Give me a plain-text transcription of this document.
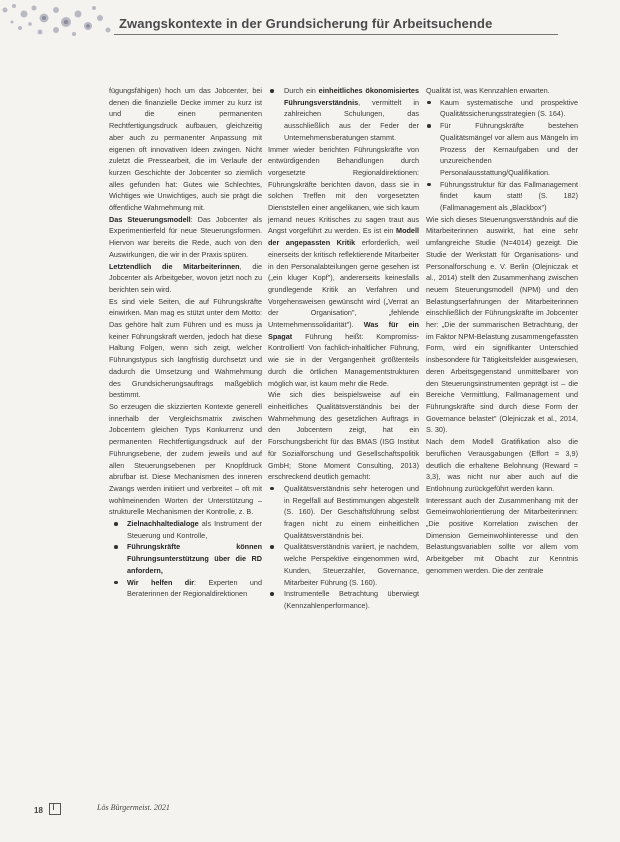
Zwangskontexte in der Grundsicherung für Arbeitsuchende

fügungsfähigen) hoch um das Jobcenter, bei denen die finanzielle Decke immer zu kurz ist und die einen permanenten Rechtfertigungsdruck aufbauen, gleichzeitig aber auch zu permanenter Anpassung mit eigenen oft innovativen Ideen zwingen. Nicht zuletzt die Pressearbeit, die im Verlaufe der kurzen Geschichte der Jobcenter so ziemlich alles gefunden hat: Gutes wie Schlechtes, Wichtiges wie Unwichtiges, auch sie prägt die öffentliche Wahrnehmung mit.

Das Steuerungsmodell: Das Jobcenter als Experimentierfeld für neue Steuerungsformen. Hiervon war bereits die Rede, auch von den Auswirkungen, die wir in der Praxis spüren.

Letztendlich die Mitarbeiterinnen, die Jobcenter als Arbeitgeber, wovon jetzt noch zu berichten sein wird.

Es sind viele Seiten, die auf Führungskräfte einwirken. Man mag es stützt unter dem Motto: Das gehöre halt zum Führen und es muss ja keiner Führungskraft werden, jedoch hat diese Haltung Folgen, wenn sich zeigt, welcher Führungstypus sich langfristig durchsetzt und dadurch die Umsetzung und Wahrnehmung des Grundsicherungsauftrags maßgeblich bestimmt.

So erzeugen die skizzierten Kontexte generell innerhalb der Vergleichsmatrix zwischen Jobcentern gleichen Typs Konkurrenz und permanenten Rechtfertigungsdruck auf der Führungsebene, der zudem jeweils und auf allen Steuerungsebenen per Knopfdruck abrufbar ist. Diese Mechanismen des inneren Zwangs werden initiiert und verbreitet – oft mit wohlmeinenden Worten der Unterstützung – strukturelle Mechanismen der Kontrolle, z. B.

Zielnachhaltedialoge als Instrument der Steuerung und Kontrolle,
Führungskräfte können Führungsunterstützung über die RD anfordern,
Wir helfen dir: Experten und Beraterinnen der Regionaldirektionen
Durch ein einheitliches ökonomisiertes Führungsverständnis, vermittelt in zahlreichen Schulungen, das ausschließlich aus der Feder der Unternehmensberatungen stammt.

Immer wieder berichten Führungskräfte von entwürdigenden Behandlungen durch vorgesetzte Regionaldirektionen: Führungskräfte berichten davon, dass sie in solchen Treffen mit den vorgesetzten Dienststellen einer angelikanen, wie sich kaum jemand neues Kritisches zu sagen traut aus Angst vorgeführt zu werden. Es ist ein Modell der angepassten Kritik erforderlich, weil einerseits der kritisch reflektierende Mitarbeiter in den Personalabteilungen gerne gesehen ist („ein kluger Kopf"), andererseits keinesfalls grundlegende Kritik an Verfahren und Vorgehensweisen gewünscht wird („Verrat an der Organisation", „fehlende Unternehmenssolidarität"). Was für ein Spagat Führung heißt: Kompromiss-Kontrolliert! Von fachlich-inhaltlicher Führung, wie sie in der Vergangenheit größtenteils durch die örtlichen Managementstrukturen möglich war, ist kaum mehr die Rede.

Wie sich dies beispielsweise auf ein einheitliches Qualitätsverständnis bei der Wahrnehmung des gesetzlichen Auftrags in den Jobcentern zeigt, hat ein Forschungsbericht für das BMAS (ISG Institut für Sozialforschung und Gesellschaftspolitik GmbH; Stone Moment Consulting, 2013) erschreckend deutlich gemacht:

Qualitätsverständnis sehr heterogen und in Regelfall auf Bestimmungen abgestellt (S. 160). Der Geschäftsführung selbst fragen nicht zu einem einheitlichen Qualitätsverständnis bei.
Qualitätsverständnis variiert, je nachdem, welche Perspektive eingenommen wird, Kunden, Steuerzahler, Governance, Mitarbeiter Führung (S. 160).
Instrumentelle Betrachtung überwiegt (Kennzahlenperformance).

Qualität ist, was Kennzahlen erwarten.

Kaum systematische und prospektive Qualitätssicherungsstrategien (S. 164).
Für Führungskräfte bestehen Qualitätsmängel vor allem aus Mängeln im Prozess der Kernaufgaben und der unzureichenden Personalausstattung/Qualifikation.
Führungsstruktur für das Fallmanagement findet kaum statt! (S. 182) (Fallmanagement als „Blackbox")

Wie sich dieses Steuerungsverständnis auf die Mitarbeiterinnen auswirkt, hat eine sehr umfangreiche Studie (N=4014) gezeigt. Die Studie der Werkstatt für Organisations- und Personalforschung e. V. Berlin (Olejniczak et al., 2014) stellt den Zusammenhang zwischen neuem Steuerungsmodell (NPM) und den Belastungserfahrungen der Mitarbeiterinnen einschließlich der Führungskräfte im Jobcenter her: „Die der summarischen Betrachtung, der im Faktor NPM-Belastung zusammengefassten Form, wird ein signifikanter Unterschied insbesondere für Tätigkeitsfelder ausgewiesen, deren Arbeitsgegenstand unmittelbarer von den Steuerungsinstrumenten geprägt ist – die Bereiche Vermittlung, Fallmanagement und Führungskräfte sind durch diese Form der Governance belastet" (Olejniczak et al., 2014, S. 30).

Nach dem Modell Gratifikation also die beruflichen Verausgabungen (Effort = 3,9) deutlich die erhaltene Belohnung (Reward = 3,3), was nicht nur aber auch auf die Entlohnung zurückgeführt werden kann.

Interessant auch der Zusammenhang mit der Gemeinwohlorientierung der Mitarbeiterinnen: „Die positive Korrelation zwischen der Dimension Gemeinwohlinteresse und den Belastungsvariablen sollte vor allem vom Arbeitgeber mit Obacht zur Kenntnis genommen werden. Die der zentrale

18	Lös Bürgermeist. 2021
